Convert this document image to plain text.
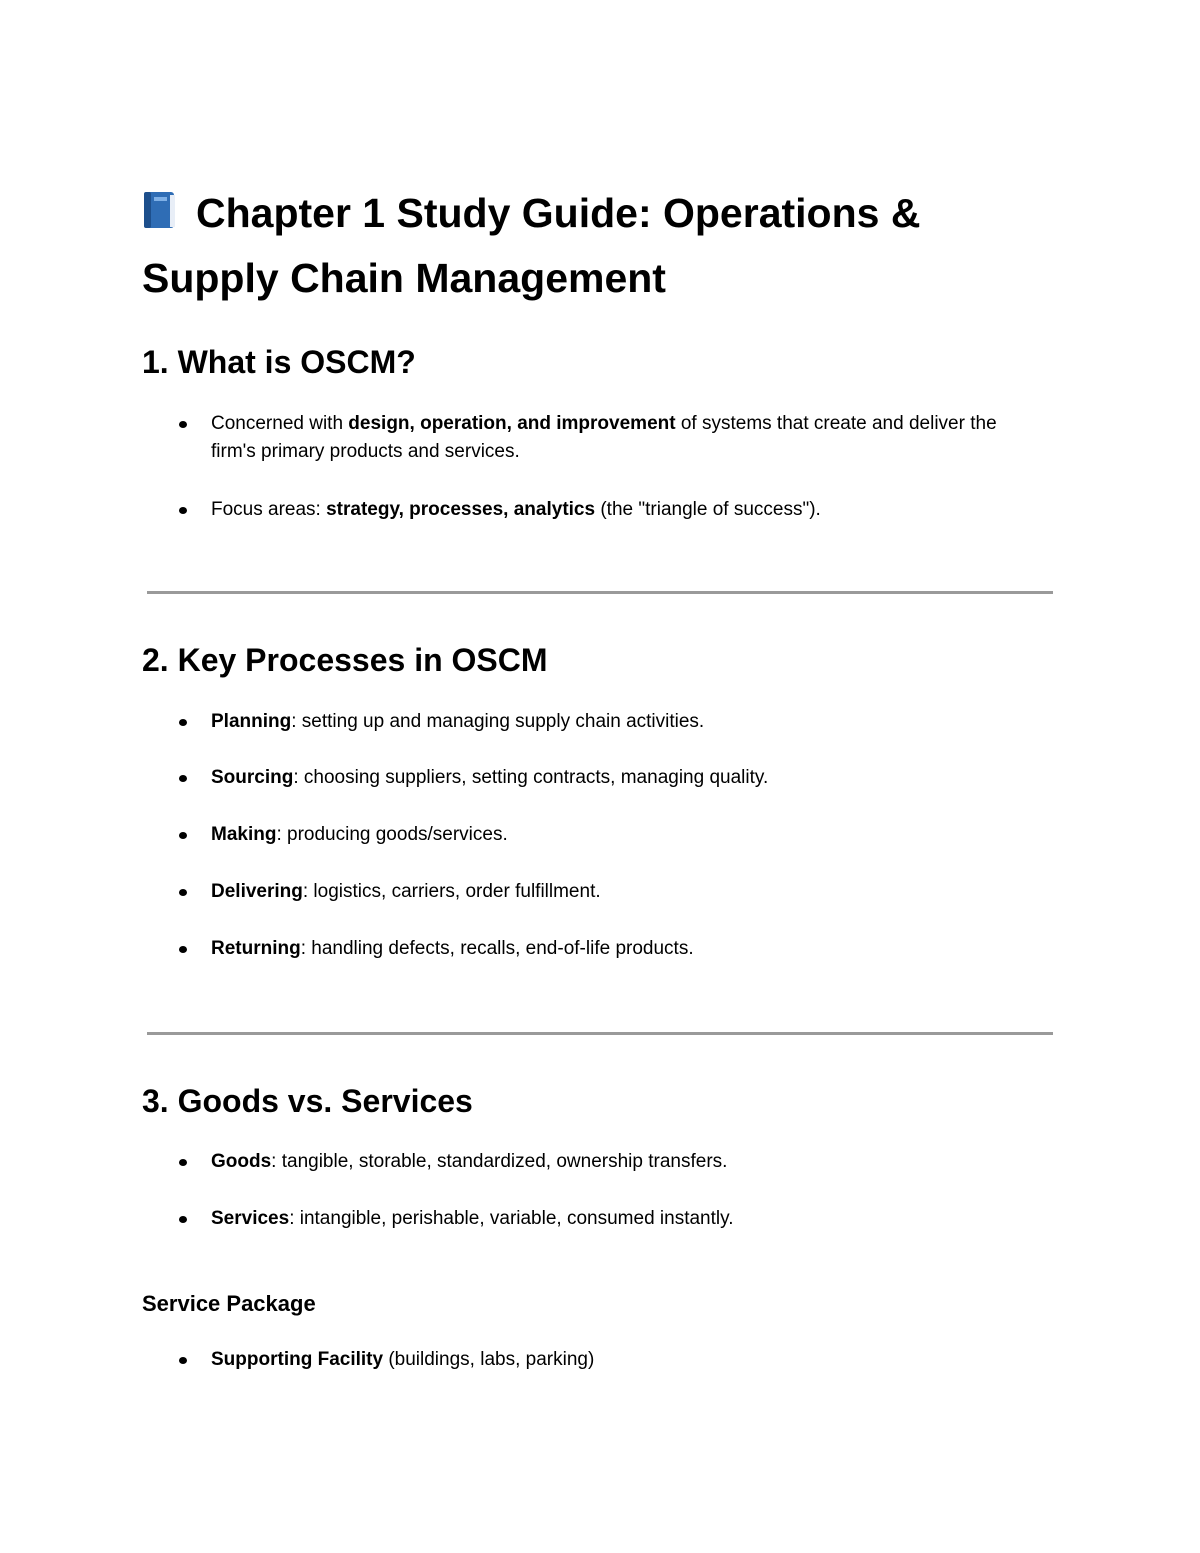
Chapter 1 Study Guide: Operations & Supply Chain Management
1. What is OSCM?
Concerned with design, operation, and improvement of systems that create and deliver the firm's primary products and services.
Focus areas: strategy, processes, analytics (the "triangle of success").
2. Key Processes in OSCM
Planning: setting up and managing supply chain activities.
Sourcing: choosing suppliers, setting contracts, managing quality.
Making: producing goods/services.
Delivering: logistics, carriers, order fulfillment.
Returning: handling defects, recalls, end-of-life products.
3. Goods vs. Services
Goods: tangible, storable, standardized, ownership transfers.
Services: intangible, perishable, variable, consumed instantly.
Service Package
Supporting Facility (buildings, labs, parking)
